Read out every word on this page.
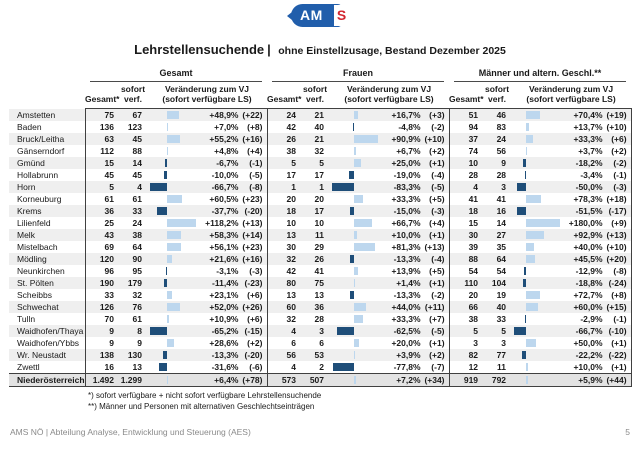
AM S
Lehrstellensuchende | ohne Einstellzusage, Bestand Dezember 2025

	Gesamt			Frauen			Männer und altern. Geschl.**		

	Gesamt*	sofort
verf.	Veränderung zum VJ
(sofort verfügbare LS)	Gesamt*	sofort
verf.	Veränderung zum VJ
(sofort verfügbare LS)	Gesamt*	sofort
verf.	Veränderung zum VJ
(sofort verfügbare LS)
Amstetten	75	67	+48,9% (+22)	24	21	+16,7% (+3)	51	46	+70,4% (+19)

Baden	136	123	+7,0% (+8)	42	40	-4,8% (-2)	94	83	+13,7% (+10)

Bruck/Leitha	63	45	+55,2% (+16)	26	21	+90,9% (+10)	37	24	+33,3% (+6)

Gänserndorf	112	88	+4,8% (+4)	38	32	+6,7% (+2)	74	56	+3,7% (+2)

Gmünd	15	14	-6,7% (-1)	5	5	+25,0% (+1)	10	9	-18,2% (-2)

Hollabrunn	45	45	-10,0% (-5)	17	17	-19,0% (-4)	28	28	-3,4% (-1)

Horn	5	4	-66,7% (-8)	1	1	-83,3% (-5)	4	3	-50,0% (-3)

Korneuburg	61	61	+60,5% (+23)	20	20	+33,3% (+5)	41	41	+78,3% (+18)

Krems	36	33	-37,7% (-20)	18	17	-15,0% (-3)	18	16	-51,5% (-17)

Lilienfeld	25	24	+118,2% (+13)	10	10	+66,7% (+4)	15	14	+180,0% (+9)

Melk	43	38	+58,3% (+14)	13	11	+10,0% (+1)	30	27	+92,9% (+13)

Mistelbach	69	64	+56,1% (+23)	30	29	+81,3% (+13)	39	35	+40,0% (+10)

Mödling	120	90	+21,6% (+16)	32	26	-13,3% (-4)	88	64	+45,5% (+20)

Neunkirchen	96	95	-3,1% (-3)	42	41	+13,9% (+5)	54	54	-12,9% (-8)

St. Pölten	190	179	-11,4% (-23)	80	75	+1,4% (+1)	110	104	-18,8% (-24)

Scheibbs	33	32	+23,1% (+6)	13	13	-13,3% (-2)	20	19	+72,7% (+8)

Schwechat	126	76	+52,0% (+26)	60	36	+44,0% (+11)	66	40	+60,0% (+15)

Tulln	70	61	+10,9% (+6)	32	28	+33,3% (+7)	38	33	-2,9% (-1)

Waidhofen/Thaya	9	8	-65,2% (-15)	4	3	-62,5% (-5)	5	5	-66,7% (-10)

Waidhofen/Ybbs	9	9	+28,6% (+2)	6	6	+20,0% (+1)	3	3	+50,0% (+1)

Wr. Neustadt	138	130	-13,3% (-20)	56	53	+3,9% (+2)	82	77	-22,2% (-22)

Zwettl	16	13	-31,6% (-6)	4	2	-77,8% (-7)	12	11	+10,0% (+1)

Niederösterreich	1.492	1.299	+6,4% (+78)	573	507	+7,2% (+34)	919	792	+5,9% (+44)
*) sofort verfügbare + nicht sofort verfügbare Lehrstellensuchende
**) Männer und Personen mit alternativen Geschlechtseinträgen
AMS NÖ | Abteilung Analyse, Entwicklung und Steuerung (AES)	5
